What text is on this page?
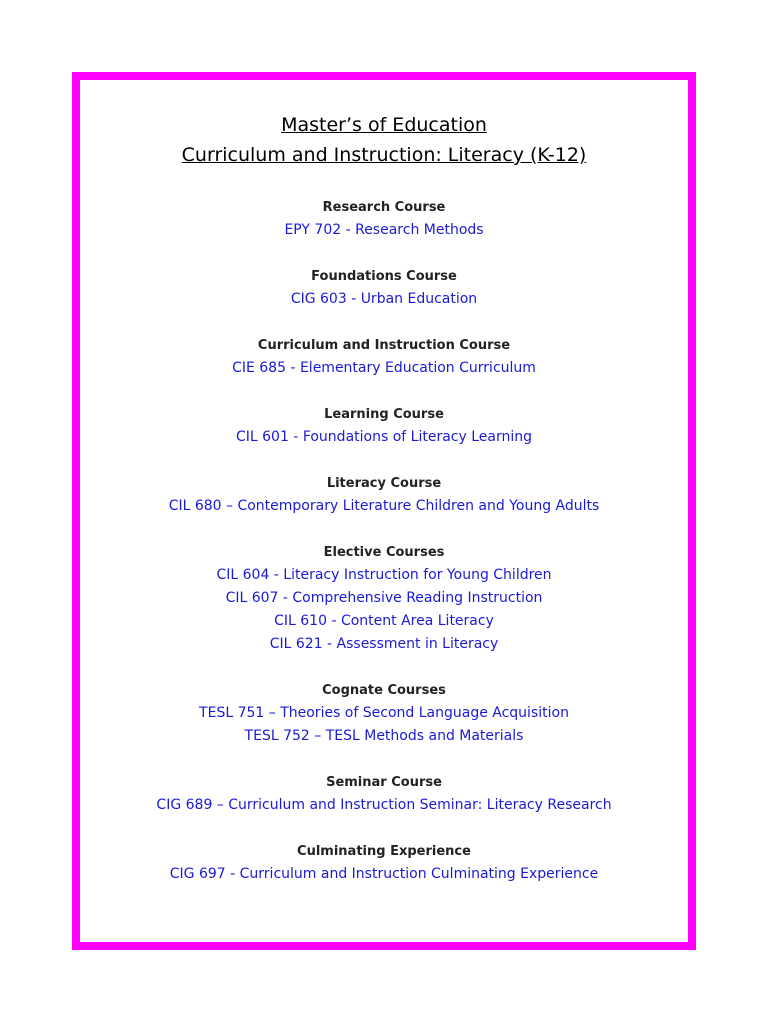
Master’s of Education
Curriculum and Instruction: Literacy (K-12)
Research Course
EPY 702 - Research Methods
Foundations Course
CIG 603 - Urban Education
Curriculum and Instruction Course
CIE 685 - Elementary Education Curriculum
Learning Course
CIL 601 - Foundations of Literacy Learning
Literacy Course
CIL 680 – Contemporary Literature Children and Young Adults
Elective Courses
CIL 604 - Literacy Instruction for Young Children
CIL 607 - Comprehensive Reading Instruction
CIL 610 - Content Area Literacy
CIL 621 - Assessment in Literacy
Cognate Courses
TESL 751 – Theories of Second Language Acquisition
TESL 752 – TESL Methods and Materials
Seminar Course
CIG 689 – Curriculum and Instruction Seminar: Literacy Research
Culminating Experience
CIG 697 - Curriculum and Instruction Culminating Experience
